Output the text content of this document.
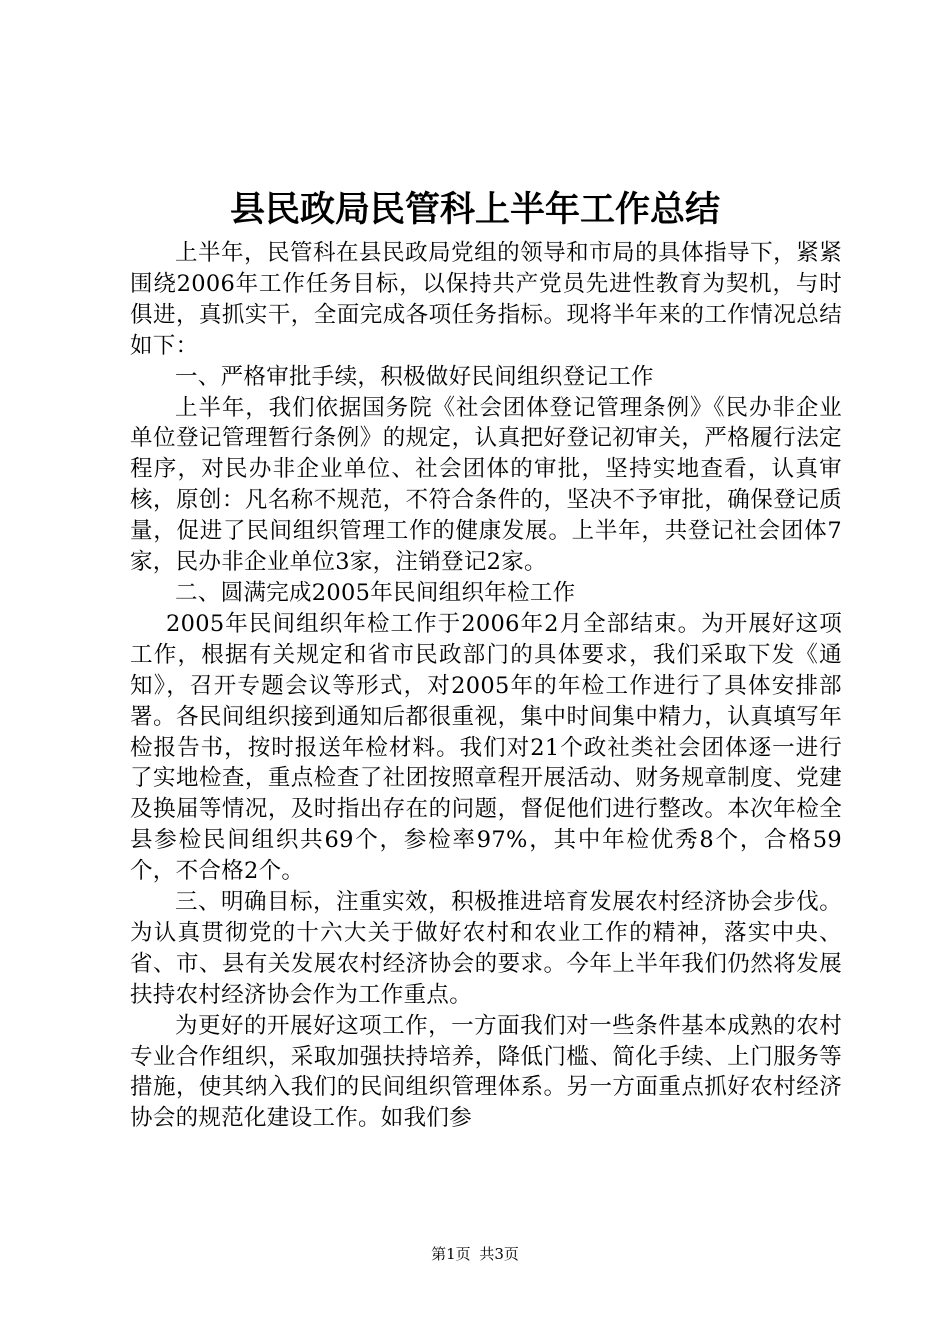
县民政局民管科上半年工作总结

上半年，民管科在县民政局党组的领导和市局的具体指导下，紧紧围绕2006年工作任务目标，以保持共产党员先进性教育为契机，与时俱进，真抓实干，全面完成各项任务指标。现将半年来的工作情况总结如下：

一、严格审批手续，积极做好民间组织登记工作

上半年，我们依据国务院《社会团体登记管理条例》《民办非企业单位登记管理暂行条例》的规定，认真把好登记初审关，严格履行法定程序，对民办非企业单位、社会团体的审批，坚持实地查看，认真审核，原创：凡名称不规范，不符合条件的，坚决不予审批，确保登记质量，促进了民间组织管理工作的健康发展。上半年，共登记社会团体7家，民办非企业单位3家，注销登记2家。

二、圆满完成2005年民间组织年检工作

2005年民间组织年检工作于2006年2月全部结束。为开展好这项工作，根据有关规定和省市民政部门的具体要求，我们采取下发《通知》，召开专题会议等形式，对2005年的年检工作进行了具体安排部署。各民间组织接到通知后都很重视，集中时间集中精力，认真填写年检报告书，按时报送年检材料。我们对21个政社类社会团体逐一进行了实地检查，重点检查了社团按照章程开展活动、财务规章制度、党建及换届等情况，及时指出存在的问题，督促他们进行整改。本次年检全县参检民间组织共69个，参检率97%，其中年检优秀8个，合格59个，不合格2个。

三、明确目标，注重实效，积极推进培育发展农村经济协会步伐。为认真贯彻党的十六大关于做好农村和农业工作的精神，落实中央、省、市、县有关发展农村经济协会的要求。今年上半年我们仍然将发展扶持农村经济协会作为工作重点。

为更好的开展好这项工作，一方面我们对一些条件基本成熟的农村专业合作组织，采取加强扶持培养，降低门槛、简化手续、上门服务等措施，使其纳入我们的民间组织管理体系。另一方面重点抓好农村经济协会的规范化建设工作。如我们参

第1页 共3页
